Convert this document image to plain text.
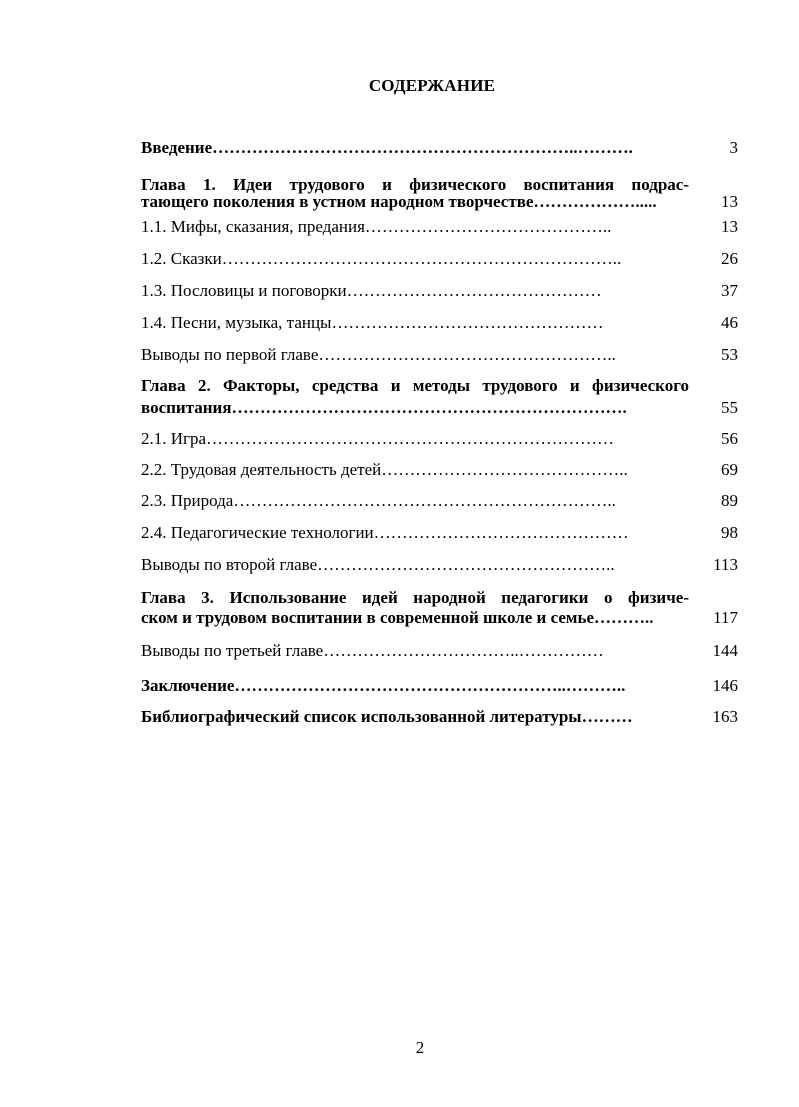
СОДЕРЖАНИЕ
Введение………………………………………………………..……….	3
Глава 1. Идеи трудового и физического воспитания подрас-
тающего поколения в устном народном творчестве……………….....	13
1.1. Мифы, сказания, предания……………………………………..	13
1.2. Сказки……………………………………………………………..	26
1.3. Пословицы и поговорки………………………………………	37
1.4. Песни, музыка, танцы…………………………………………	46
Выводы по первой главе……………………………………………..	53
Глава 2. Факторы, средства и методы трудового и физического
воспитания…………………………………………………………….	55
2.1. Игра………………………………………………………………	56
2.2. Трудовая деятельность детей……………………………………..	69
2.3. Природа…………………………………………………………..	89
2.4. Педагогические технологии………………………………………	98
Выводы по второй главе……………………………………………..	113
Глава 3. Использование идей народной педагогики о физиче-
ском и трудовом воспитании в современной школе и семье………..	117
Выводы по третьей главе……………………………..……………	144
Заключение…………………………………………………..………..	146
Библиографический список использованной литературы………	163
2
